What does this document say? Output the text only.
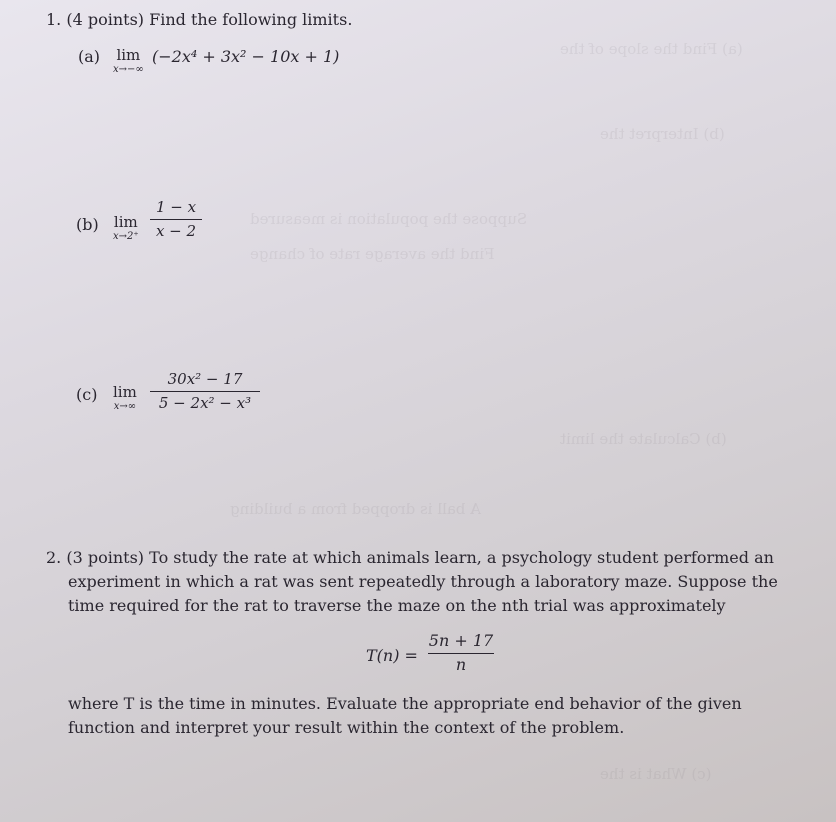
(a) Find the slope of the
(b) Interpret the
Suppose the population is measured
Find the average rate of change
(b) Calculate the limit
A ball is dropped from a building
(c) What is the
1. (4 points) Find the following limits.
(a) lim
x→−∞
(−2x⁴ + 3x² − 10x + 1)
(b) lim
x→2⁺
1 − x
x − 2
(c) lim
x→∞
30x² − 17
5 − 2x² − x³
2. (3 points) To study the rate at which animals learn, a psychology student performed an
experiment in which a rat was sent repeatedly through a laboratory maze. Suppose the
time required for the rat to traverse the maze on the nth trial was approximately
T(n) =
5n + 17
n
where T is the time in minutes. Evaluate the appropriate end behavior of the given
function and interpret your result within the context of the problem.
